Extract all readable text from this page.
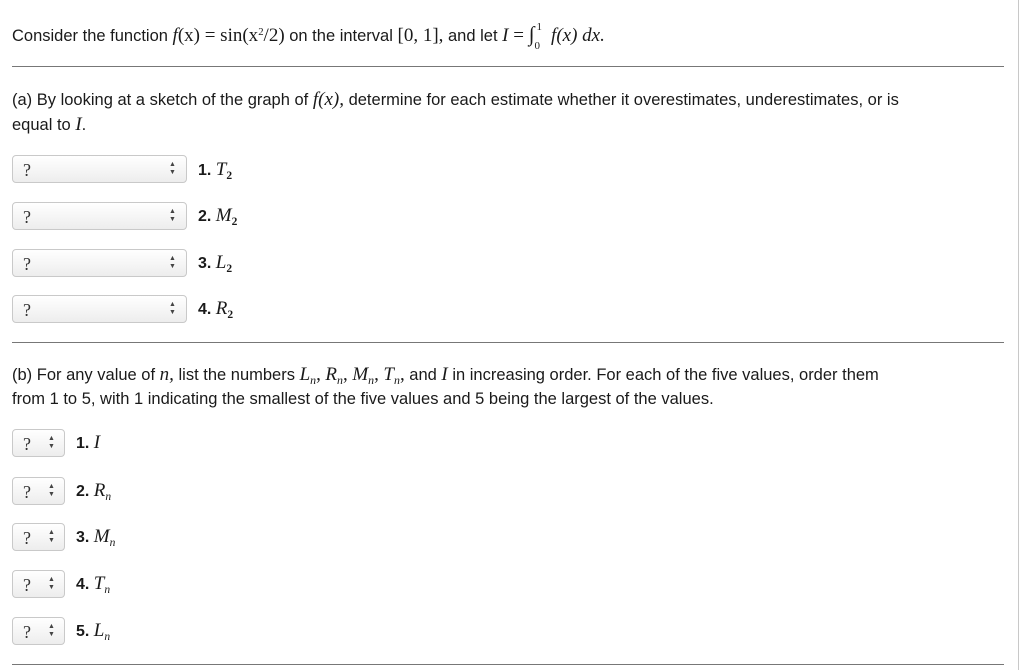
Consider the function $f(x) = \sin(x^2/2)$ on the interval [0, 1], and let I = ∫ 1
0 f(x) dx.
(a) By looking at a sketch of the graph of f(x), determine for each estimate whether it overestimates, underestimates, or is
equal to I.
?	▲
▼ 1. $T_2$
?	▲
▼ 2. $M_2$
?	▲
▼ 3. $L_2$
?	▲
▼ 4. $R_2$
(b) For any value of n, list the numbers $L_n$, $R_n$, $M_n$, $T_n$, and I in increasing order. For each of the five values, order them
from 1 to 5, with 1 indicating the smallest of the five values and 5 being the largest of the values.
? ▲
▼ 1. I
? ▲
▼ 2. $R_n$
? ▲
▼ 3. $M_n$
? ▲
▼ 4. $T_n$
? ▲
▼ 5. $L_n$
